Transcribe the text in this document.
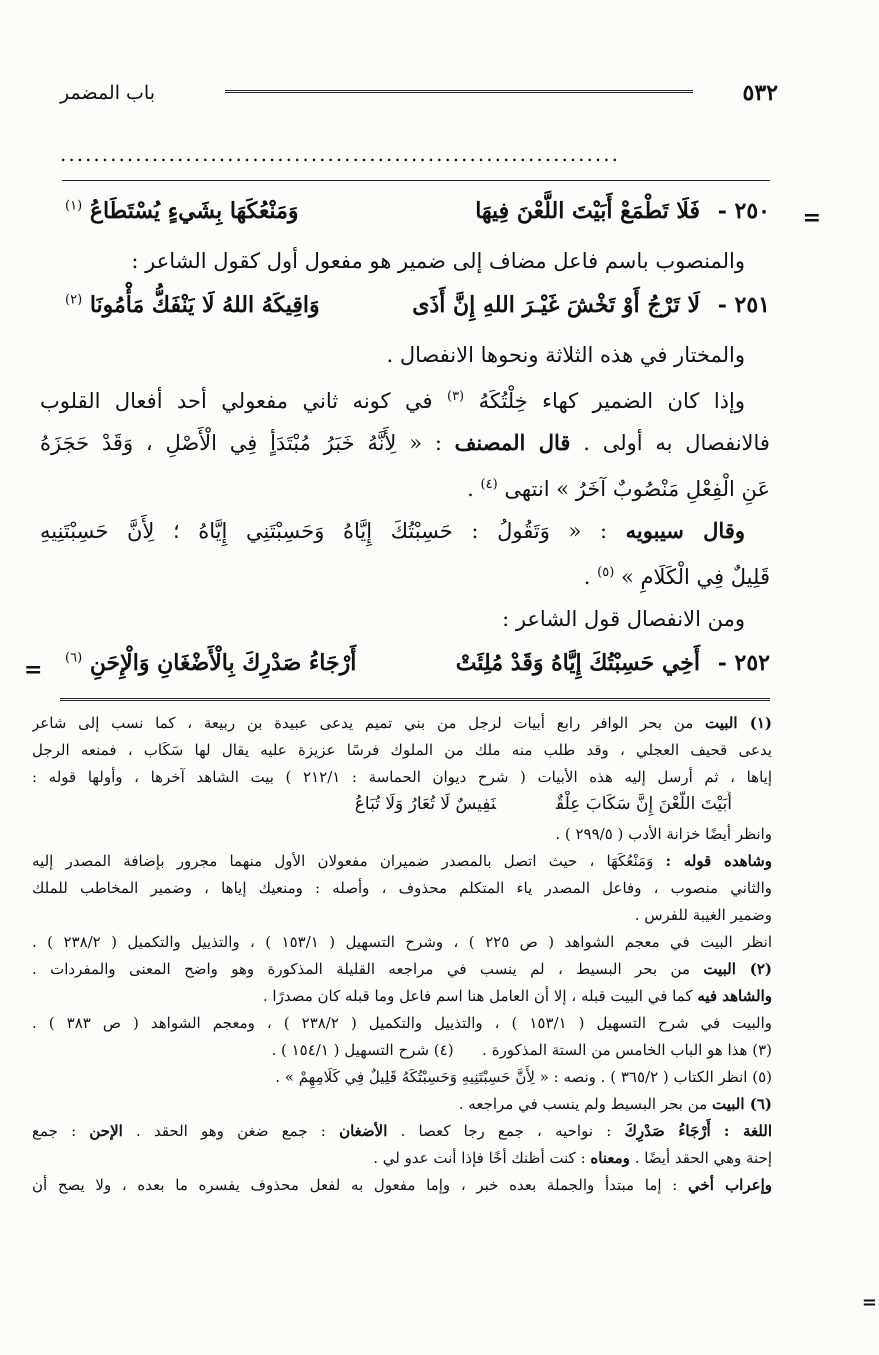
٥٣٢
باب المضمر
...................................................................
=
٢٥٠ -
فَلَا تَطْمَعْ أَبَيْتَ اللَّعْنَ فِيهَا
وَمَنْعُكَهَا بِشَيءٍ يُسْتَطَاعُ $^{(١)}$
والمنصوب باسم فاعل مضاف إلى ضمير هو مفعول أول كقول الشاعر :
٢٥١ -
لَا تَرْجُ أَوْ تَخْشَ غَيْـرَ اللهِ إِنَّ أَذَى
وَاقِيكَهُ اللهُ لَا يَنْفَكُّ مَأْمُونَا $^{(٢)}$
والمختار في هذه الثلاثة ونحوها الانفصال .
وإذا كان الضمير كهاء خِلْتُكَهُ $^{(٣)}$ في كونه ثاني مفعولي أحد أفعال القلوب
فالانفصال به أولى . قال المصنف : « لِأَنَّهُ خَبَرُ مُبْتَدَأٍ فِي الْأَصْلِ ، وَقَدْ حَجَزَهُ
عَنِ الْفِعْلِ مَنْصُوبٌ آخَرُ » انتهى $^{(٤)}$ .
وقال سيبويه : « وَتَقُولُ : حَسِبْتُكَ إِيَّاهُ وَحَسِبْتَنِي إِيَّاهُ ؛ لِأَنَّ حَسِبْتَنِيهِ
قَلِيلٌ فِي الْكَلَامِ » $^{(٥)}$ .
ومن الانفصال قول الشاعر :
٢٥٢ -
أَخِي حَسِبْتُكَ إِيَّاهُ وَقَدْ مُلِئَتْ
أَرْجَاءُ صَدْرِكَ بِالْأَضْغَانِ وَالْإِحَنِ $^{(٦)}$
=
(١) البيت من بحر الوافر رابع أبيات لرجل من بني تميم يدعى عبيدة بن ربيعة ، كما نسب إلى شاعر
يدعى قحيف العجلي ، وقد طلب منه ملك من الملوك فرسًا عزيزة عليه يقال لها سَكَاب ، فمنعه الرجل
إياها ، ثم أرسل إليه هذه الأبيات ( شرح ديوان الحماسة : ٢١٢/١ ) بيت الشاهد آخرها ، وأولها قوله :
أَبَيْتَ اللَّعْنَ إِنَّ سَكَابَ عِلْقٌنَفِيسٌ لَا تُعَارُ وَلَا تُبَاعُ
وانظر أيضًا خزانة الأدب ( ٢٩٩/٥ ) .
وشاهده قوله : وَمَنْعُكَهَا ، حيث اتصل بالمصدر ضميران مفعولان الأول منهما مجرور بإضافة المصدر إليه
والثاني منصوب ، وفاعل المصدر ياء المتكلم محذوف ، وأصله : ومنعيك إياها ، وضمير المخاطب للملك
وضمير الغيبة للفرس .
انظر البيت في معجم الشواهد ( ص ٢٢٥ ) ، وشرح التسهيل ( ١٥٣/١ ) ، والتذييل والتكميل ( ٢٣٨/٢ ) .
(٢) البيت من بحر البسيط ، لم ينسب في مراجعه القليلة المذكورة وهو واضح المعنى والمفردات .
والشاهد فيه كما في البيت قبله ، إلا أن العامل هنا اسم فاعل وما قبله كان مصدرًا .
والبيت في شرح التسهيل ( ١٥٣/١ ) ، والتذييل والتكميل ( ٢٣٨/٢ ) ، ومعجم الشواهد ( ص ٣٨٣ ) .
(٣) هذا هو الباب الخامس من الستة المذكورة .      (٤) شرح التسهيل ( ١٥٤/١ ) .
(٥) انظر الكتاب ( ٣٦٥/٢ ) . ونصه : « لِأَنَّ حَسِبْتَنِيهِ وَحَسِبْتُكَهُ قَلِيلٌ فِي كَلَامِهِمْ » .
(٦) البيت من بحر البسيط ولم ينسب في مراجعه .
اللغة : أَرْجَاءُ صَدْرِكَ : نواحيه ، جمع رجا كعصا . الأضغان : جمع ضغن وهو الحقد . الإحن : جمع
إحنة وهي الحقد أيضًا . ومعناه : كنت أظنك أخًا فإذا أنت عدو لي .
وإعراب أخي : إما مبتدأ والجملة بعده خبر ، وإما مفعول به لفعل محذوف يفسره ما بعده ، ولا يصح أن
=
